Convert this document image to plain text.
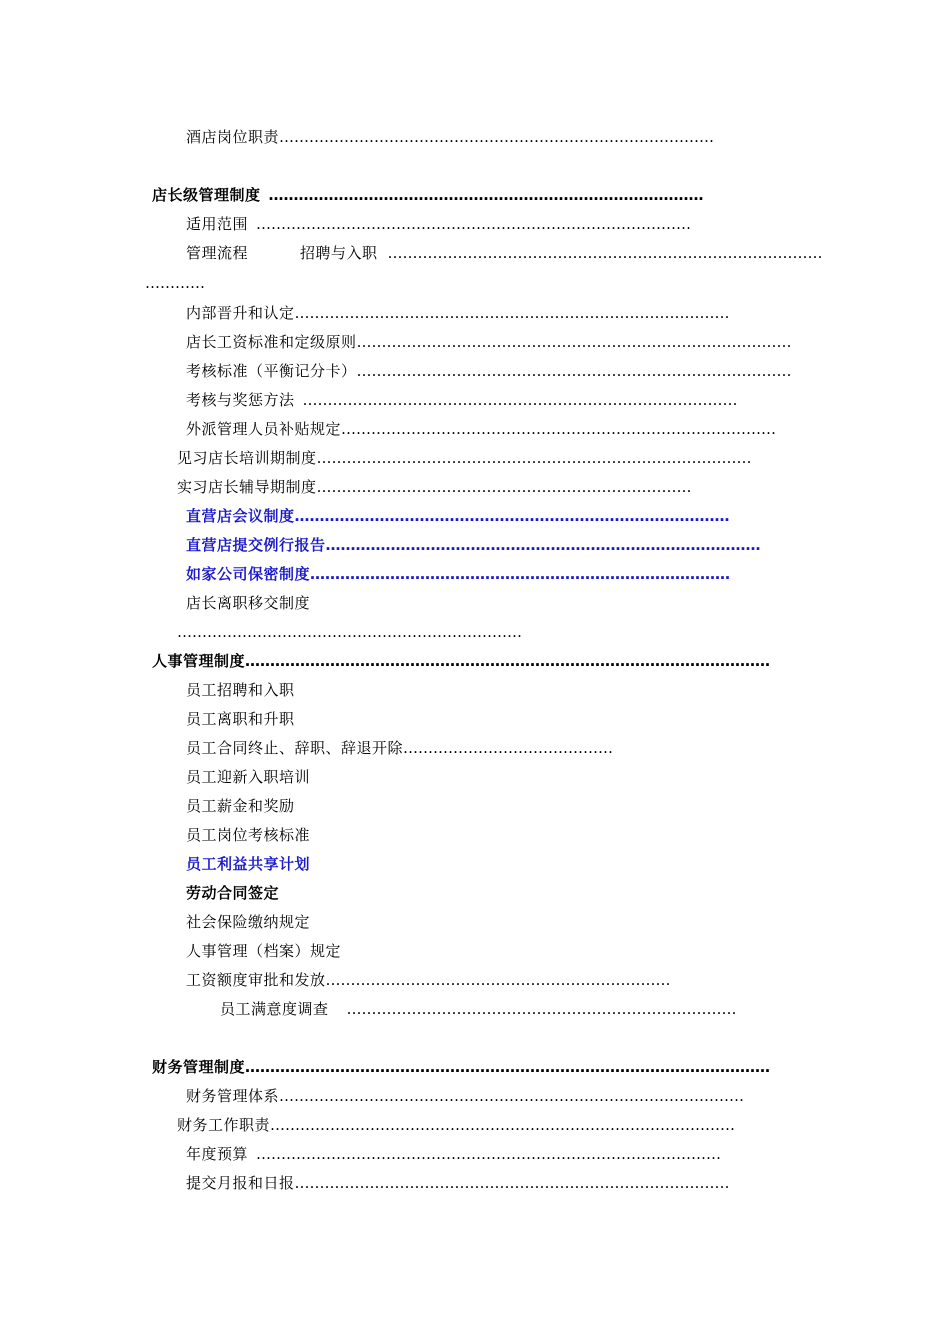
酒店岗位职责……………………………………………………………………………
店长级管理制度 ……………………………………………………………………………
适用范围 ……………………………………………………………………………
管理流程	招聘与入职 ……………………………………………………………………………
…………
内部晋升和认定……………………………………………………………………………
店长工资标准和定级原则……………………………………………………………………………
考核标准（平衡记分卡）……………………………………………………………………………
考核与奖惩方法 ……………………………………………………………………………
外派管理人员补贴规定……………………………………………………………………………
见习店长培训期制度……………………………………………………………………………
实习店长辅导期制度…………………………………………………………………
直营店会议制度……………………………………………………………………………
直营店提交例行报告……………………………………………………………………………
如家公司保密制度…………………………………………………………………………
店长离职移交制度
……………………………………………………………
人事管理制度……………………………………………………………………………………………
员工招聘和入职
员工离职和升职
员工合同终止、辞职、辞退开除……………………………………
员工迎新入职培训
员工薪金和奖励
员工岗位考核标准
员工利益共享计划
劳动合同签定
社会保险缴纳规定
人事管理（档案）规定
工资额度审批和发放……………………………………………………………
员工满意度调查 ……………………………………………………………………
财务管理制度……………………………………………………………………………………………
财务管理体系…………………………………………………………………………………
财务工作职责…………………………………………………………………………………
年度预算 …………………………………………………………………………………
提交月报和日报……………………………………………………………………………
